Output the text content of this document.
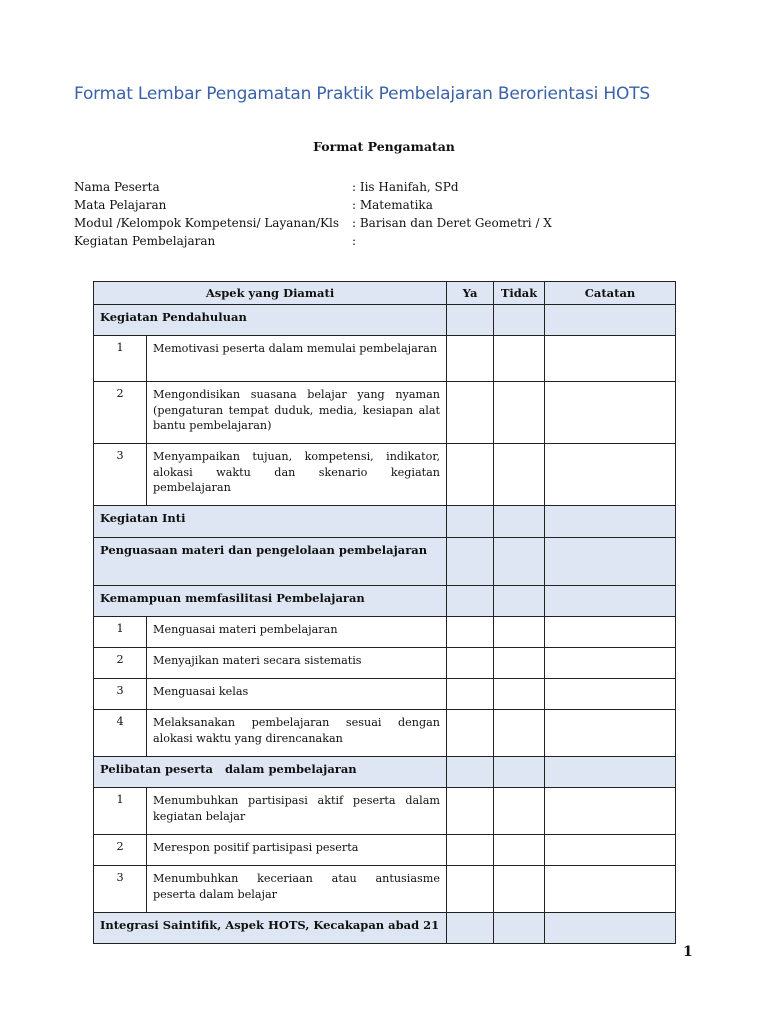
Format Lembar Pengamatan Praktik Pembelajaran Berorientasi HOTS
Format Pengamatan
Nama Peserta	: Iis Hanifah, SPd
Mata Pelajaran	: Matematika
Modul /Kelompok Kompetensi/ Layanan/Kls : Barisan dan Deret Geometri / X
Kegiatan Pembelajaran	:
Aspek yang Diamati		Ya	Tidak	Catatan
Kegiatan Pendahuluan				
1	Memotivasi peserta dalam memulai pembelajaran			
2	Mengondisikan suasana belajar yang nyaman (pengaturan tempat duduk, media, kesiapan alat bantu pembelajaran)			
3	Menyampaikan tujuan, kompetensi, indikator, alokasi waktu dan skenario kegiatan pembelajaran			
Kegiatan Inti				
Penguasaan materi dan pengelolaan pembelajaran				
Kemampuan memfasilitasi Pembelajaran				
1	Menguasai materi pembelajaran			
2	Menyajikan materi secara sistematis			
3	Menguasai kelas			
4	Melaksanakan pembelajaran sesuai dengan alokasi waktu yang direncanakan			
Pelibatan peserta   dalam pembelajaran				
1	Menumbuhkan partisipasi aktif peserta dalam kegiatan belajar			
2	Merespon positif partisipasi peserta			
3	Menumbuhkan keceriaan atau antusiasme peserta dalam belajar			
Integrasi Saintifik, Aspek HOTS, Kecakapan abad 21				
1
